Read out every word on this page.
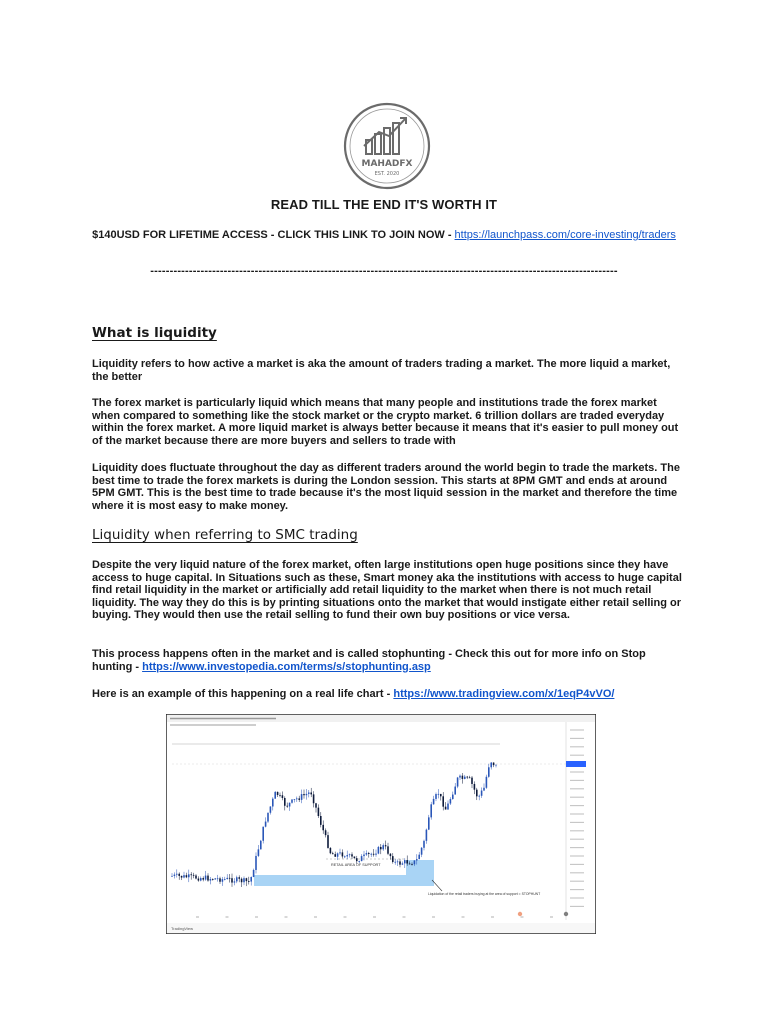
MAHADFX
EST. 2020
READ TILL THE END IT'S WORTH IT
$140USD FOR LIFETIME ACCESS - CLICK THIS LINK TO JOIN NOW - https://launchpass.com/core-investing/traders
-------------------------------------------------------------------------------------------------------------------------
What is liquidity
Liquidity refers to how active a market is aka the amount of traders trading a market. The more liquid a market, the better
The forex market is particularly liquid which means that many people and institutions trade the forex market when compared to something like the stock market or the crypto market. 6 trillion dollars are traded everyday within the forex market. A more liquid market is always better because it means that it's easier to pull money out of the market because there are more buyers and sellers to trade with
Liquidity does fluctuate throughout the day as different traders around the world begin to trade the markets. The best time to trade the forex markets is during the London session. This starts at 8PM GMT and ends at around 5PM GMT. This is the best time to trade because it's the most liquid session in the market and therefore the time where it is most easy to make money.
Liquidity when referring to SMC trading
Despite the very liquid nature of the forex market, often large institutions open huge positions since they have access to huge capital. In Situations such as these, Smart money aka the institutions with access to huge capital find retail liquidity in the market or artificially add retail liquidity to the market when there is not much retail liquidity. The way they do this is by printing situations onto the market that would instigate either retail selling or buying. They would then use the retail selling to fund their own buy positions or vice versa.
This process happens often in the market and is called stophunting - Check this out for more info on Stop hunting - https://www.investopedia.com/terms/s/stophunting.asp
Here is an example of this happening on a real life chart - https://www.tradingview.com/x/1eqP4vVO/
RETAIL AREA OF SUPPORT
Liquidation of the retail traders buying at the area of support = STOPHUNT
TradingView
